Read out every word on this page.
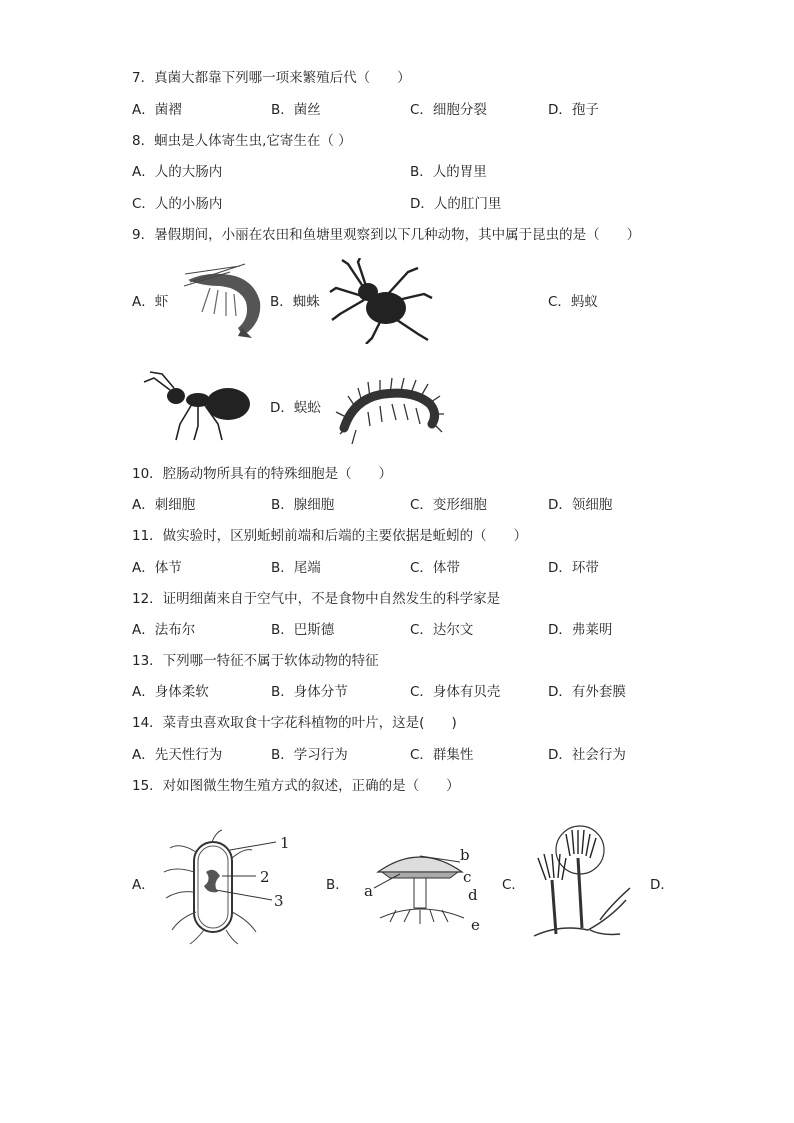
7．真菌大都靠下列哪一项来繁殖后代（　　）
A．菌褶	B．菌丝	C．细胞分裂	D．孢子
8．蛔虫是人体寄生虫,它寄生在（ ）
A．人的大肠内	B．人的胃里
C．人的小肠内	D．人的肛门里
9．暑假期间，小丽在农田和鱼塘里观察到以下几种动物，其中属于昆虫的是（　　）
A．虾	B．蜘蛛	C．蚂蚁
D．蜈蚣
10．腔肠动物所具有的特殊细胞是（　　）
A．刺细胞	B．腺细胞	C．变形细胞	D．领细胞
11．做实验时，区别蚯蚓前端和后端的主要依据是蚯蚓的（　　）
A．体节	B．尾端	C．体带	D．环带
12．证明细菌来自于空气中，不是食物中自然发生的科学家是
A．法布尔	B．巴斯德	C．达尔文	D．弗莱明
13．下列哪一特征不属于软体动物的特征
A．身体柔软	B．身体分节	C．身体有贝壳	D．有外套膜
14．菜青虫喜欢取食十字花科植物的叶片，这是(　　)
A．先天性行为	B．学习行为	C．群集性	D．社会行为
15．对如图微生物生殖方式的叙述，正确的是（　　）
A．
1
2
3
B．
b
a
c
d
e
C．	D．
